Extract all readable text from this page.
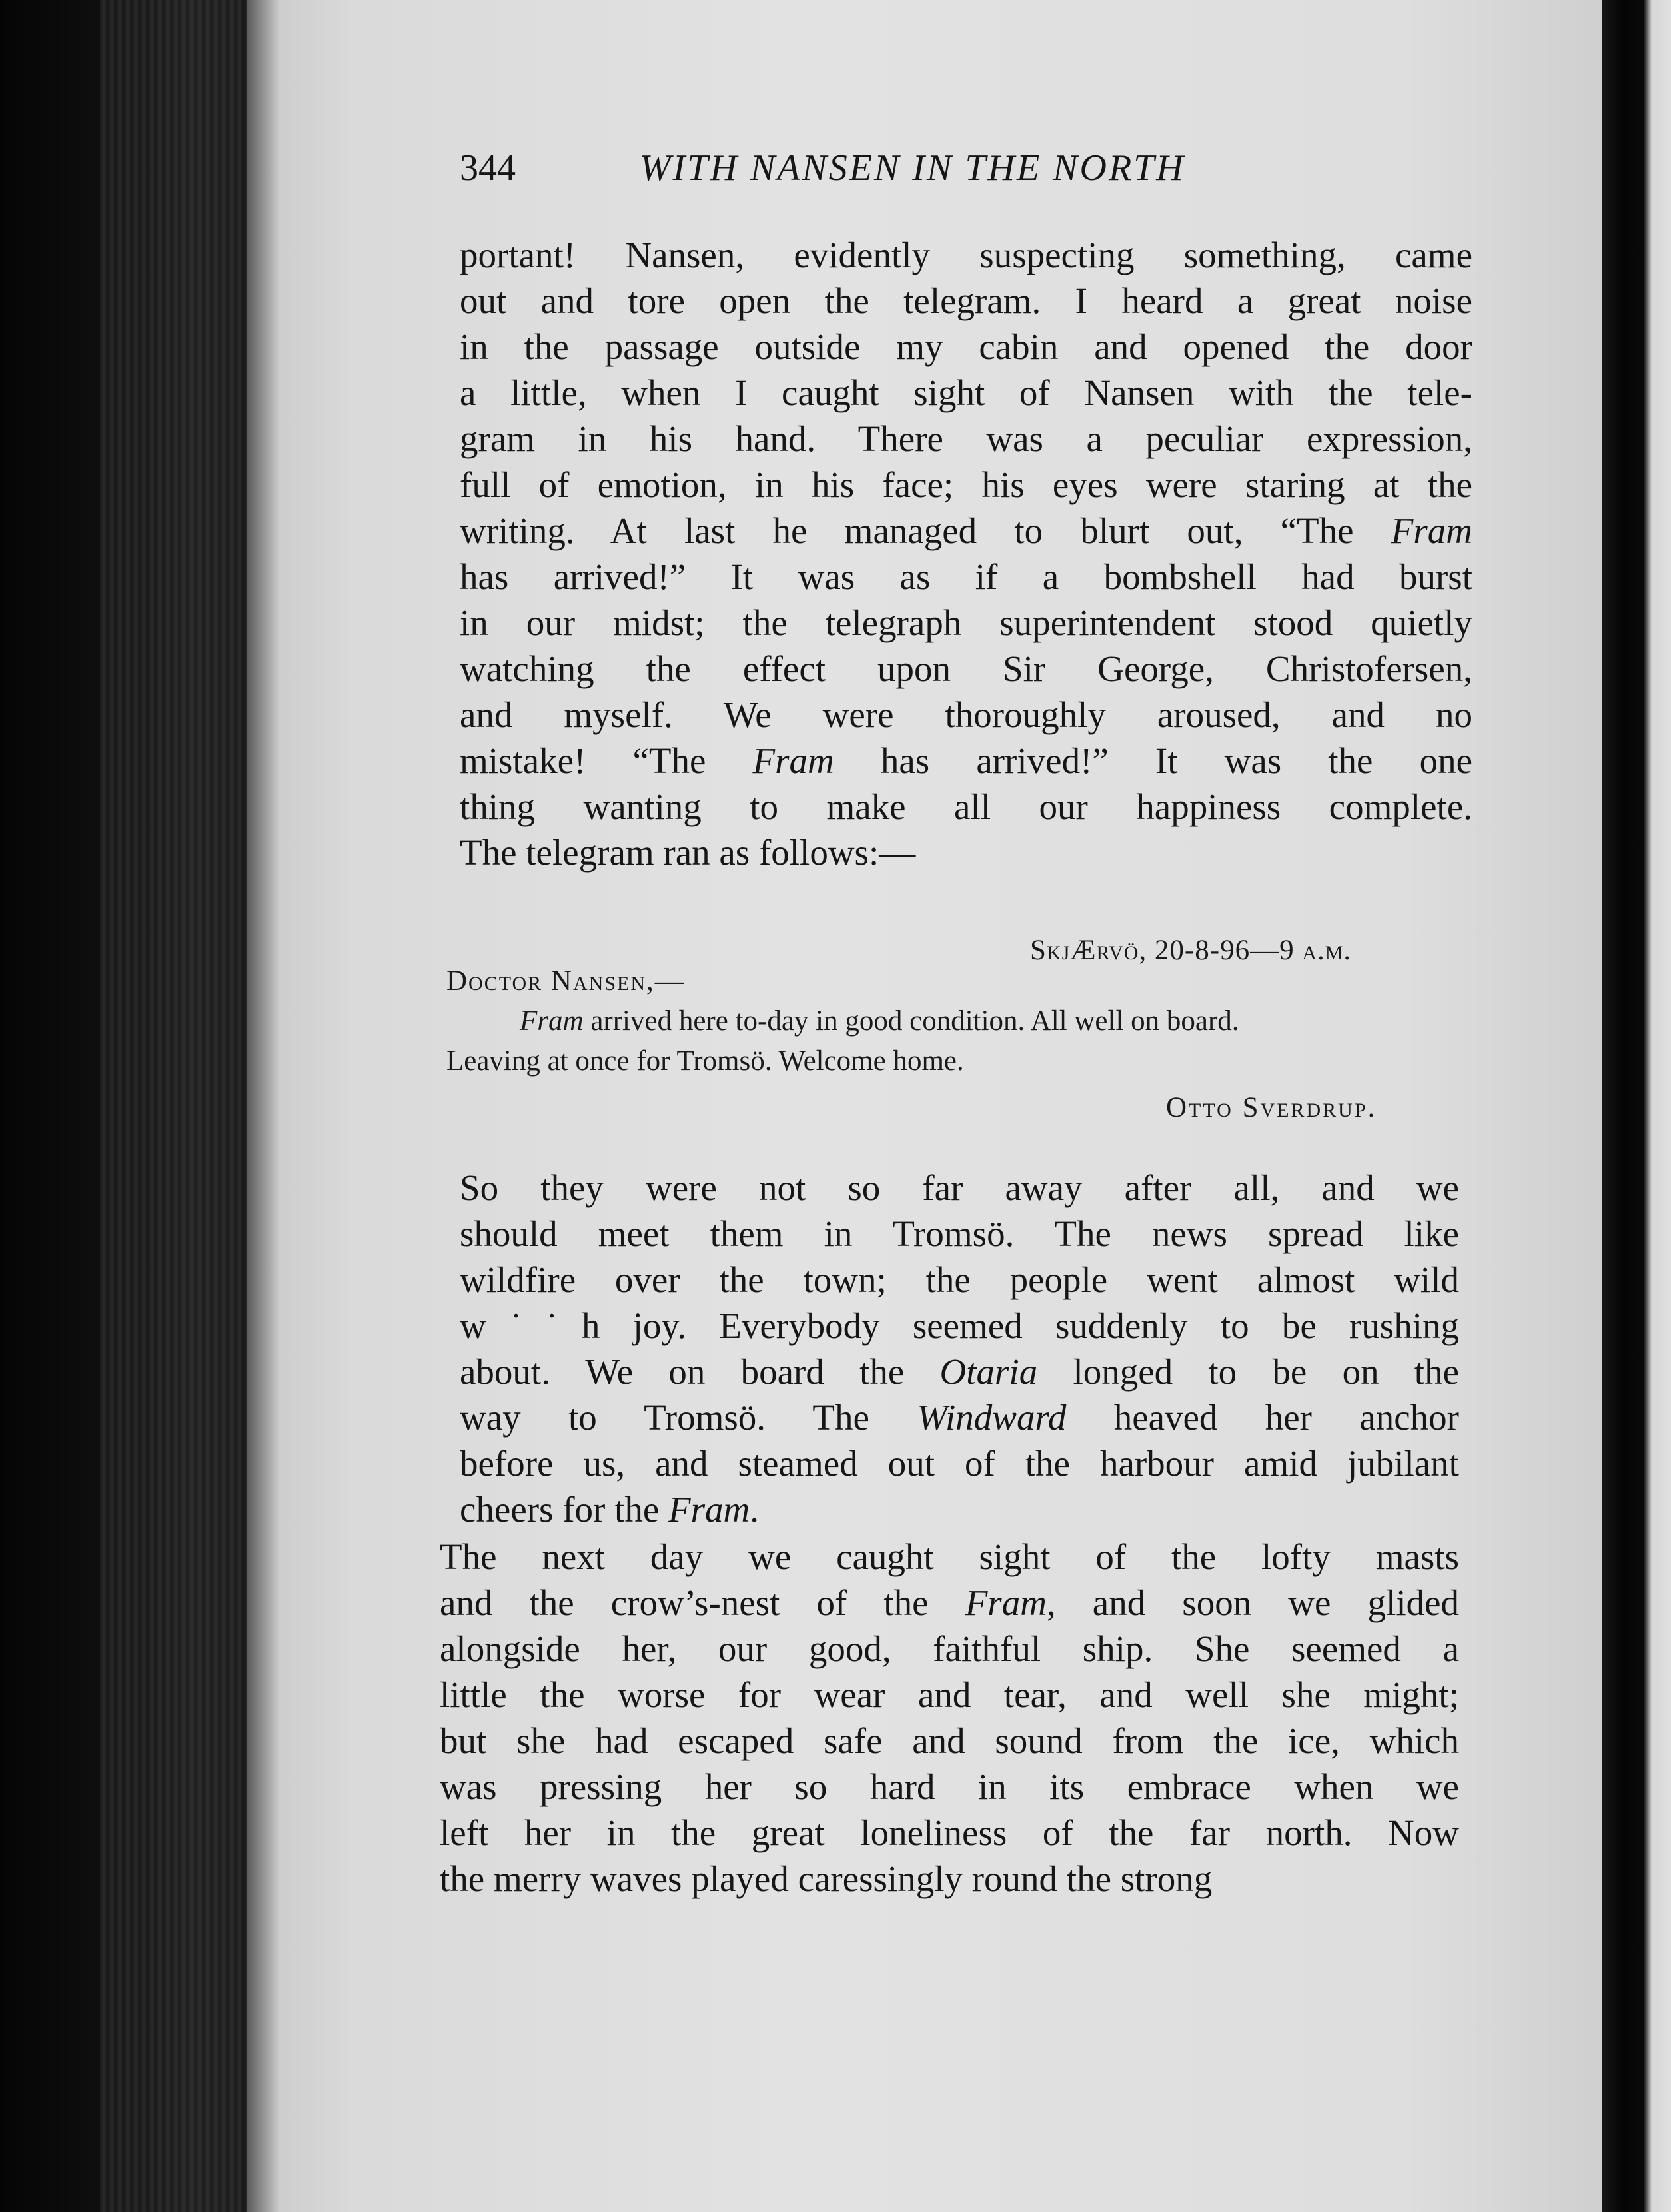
344	WITH NANSEN IN THE NORTH
portant! Nansen, evidently suspecting something, came
out and tore open the telegram. I heard a great noise
in the passage outside my cabin and opened the door
a little, when I caught sight of Nansen with the tele-
gram in his hand. There was a peculiar expression,
full of emotion, in his face; his eyes were staring at the
writing. At last he managed to blurt out, “The Fram
has arrived!” It was as if a bombshell had burst
in our midst; the telegraph superintendent stood quietly
watching the effect upon Sir George, Christofersen,
and myself. We were thoroughly aroused, and no
mistake! “The Fram has arrived!” It was the one
thing wanting to make all our happiness complete.
The telegram ran as follows:—
SkjÆrvö, 20-8-96—9 a.m.
Doctor Nansen,—
Fram arrived here to-day in good condition. All well on board.
Leaving at once for Tromsö. Welcome home.
Otto Sverdrup.
So they were not so far away after all, and we
should meet them in Tromsö. The news spread like
wildfire over the town; the people went almost wild
w˙˙h joy. Everybody seemed suddenly to be rushing
about. We on board the Otaria longed to be on the
way to Tromsö. The Windward heaved her anchor
before us, and steamed out of the harbour amid jubilant
cheers for the Fram.
The next day we caught sight of the lofty masts
and the crow’s-nest of the Fram, and soon we glided
alongside her, our good, faithful ship. She seemed a
little the worse for wear and tear, and well she might;
but she had escaped safe and sound from the ice, which
was pressing her so hard in its embrace when we
left her in the great loneliness of the far north. Now
the merry waves played caressingly round the strong
